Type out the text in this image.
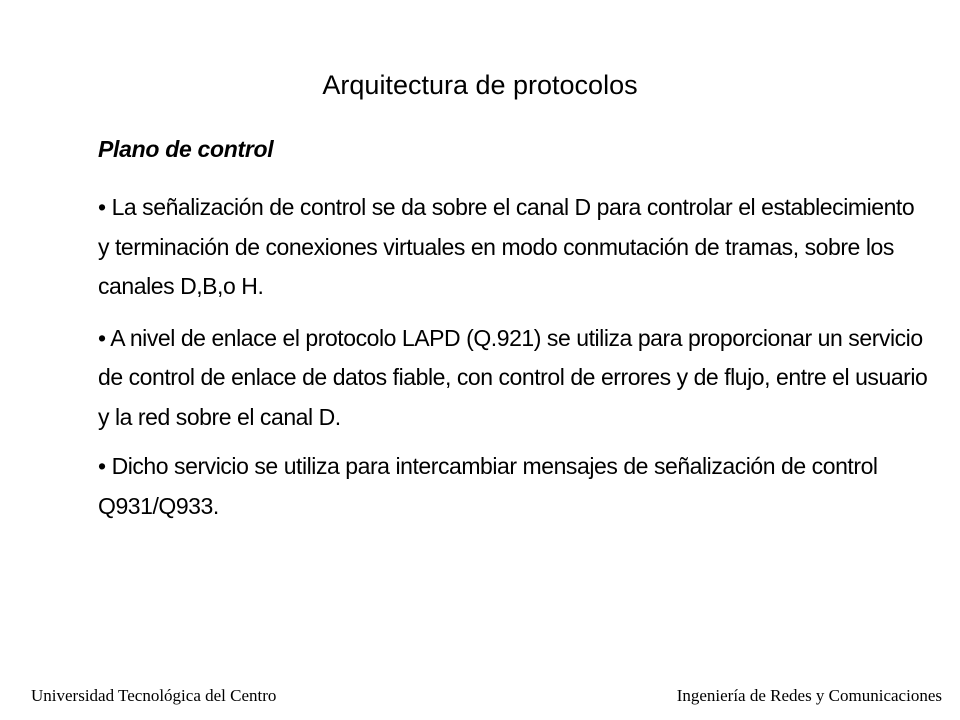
Arquitectura de protocolos
Plano de control
• La señalización de control se da sobre el canal D para controlar el establecimiento y terminación de conexiones virtuales en modo conmutación de tramas, sobre los canales D,B,o H.
• A nivel de enlace el protocolo LAPD (Q.921) se utiliza para proporcionar un servicio de control de enlace de datos fiable, con control de errores y de flujo, entre el usuario y la red sobre el canal D.
• Dicho servicio se utiliza para intercambiar mensajes de señalización de control Q931/Q933.
Universidad Tecnológica del Centro	Ingeniería de Redes y Comunicaciones
